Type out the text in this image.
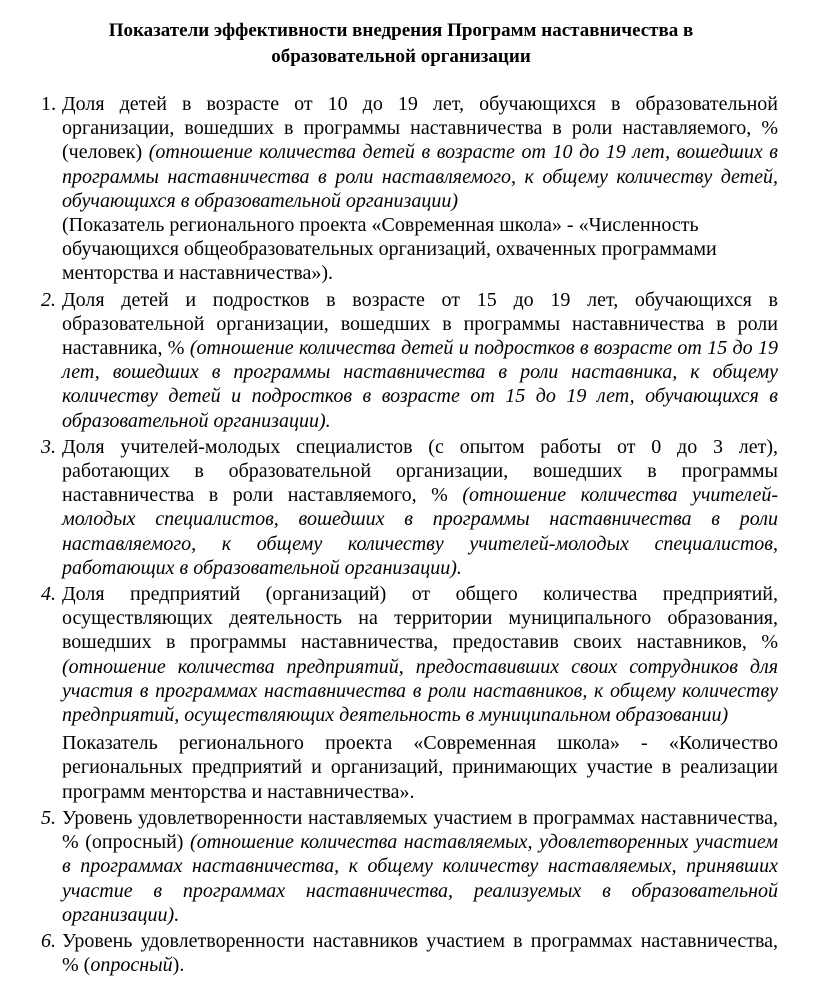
Показатели эффективности внедрения Программ наставничества в
образовательной организации
1. Доля детей в возрасте от 10 до 19 лет, обучающихся в образовательной организации, вошедших в программы наставничества в роли наставляемого, % (человек) (отношение количества детей в возрасте от 10 до 19 лет, вошедших в программы наставничества в роли наставляемого, к общему количеству детей, обучающихся в образовательной организации)
(Показатель регионального проекта «Современная школа» - «Численность обучающихся общеобразовательных организаций, охваченных программами менторства и наставничества»).
2. Доля детей и подростков в возрасте от 15 до 19 лет, обучающихся в образовательной организации, вошедших в программы наставничества в роли наставника, % (отношение количества детей и подростков в возрасте от 15 до 19 лет, вошедших в программы наставничества в роли наставника, к общему количеству детей и подростков в возрасте от 15 до 19 лет, обучающихся в образовательной организации).
3. Доля учителей-молодых специалистов (с опытом работы от 0 до 3 лет), работающих в образовательной организации, вошедших в программы наставничества в роли наставляемого, % (отношение количества учителей-молодых специалистов, вошедших в программы наставничества в роли наставляемого, к общему количеству учителей-молодых специалистов, работающих в образовательной организации).
4. Доля предприятий (организаций) от общего количества предприятий, осуществляющих деятельность на территории муниципального образования, вошедших в программы наставничества, предоставив своих наставников, % (отношение количества предприятий, предоставивших своих сотрудников для участия в программах наставничества в роли наставников, к общему количеству предприятий, осуществляющих деятельность в муниципальном образовании)
Показатель регионального проекта «Современная школа» - «Количество региональных предприятий и организаций, принимающих участие в реализации программ менторства и наставничества».
5. Уровень удовлетворенности наставляемых участием в программах наставничества, % (опросный) (отношение количества наставляемых, удовлетворенных участием в программах наставничества, к общему количеству наставляемых, принявших участие в программах наставничества, реализуемых в образовательной организации).
6. Уровень удовлетворенности наставников участием в программах наставничества, % (опросный).
